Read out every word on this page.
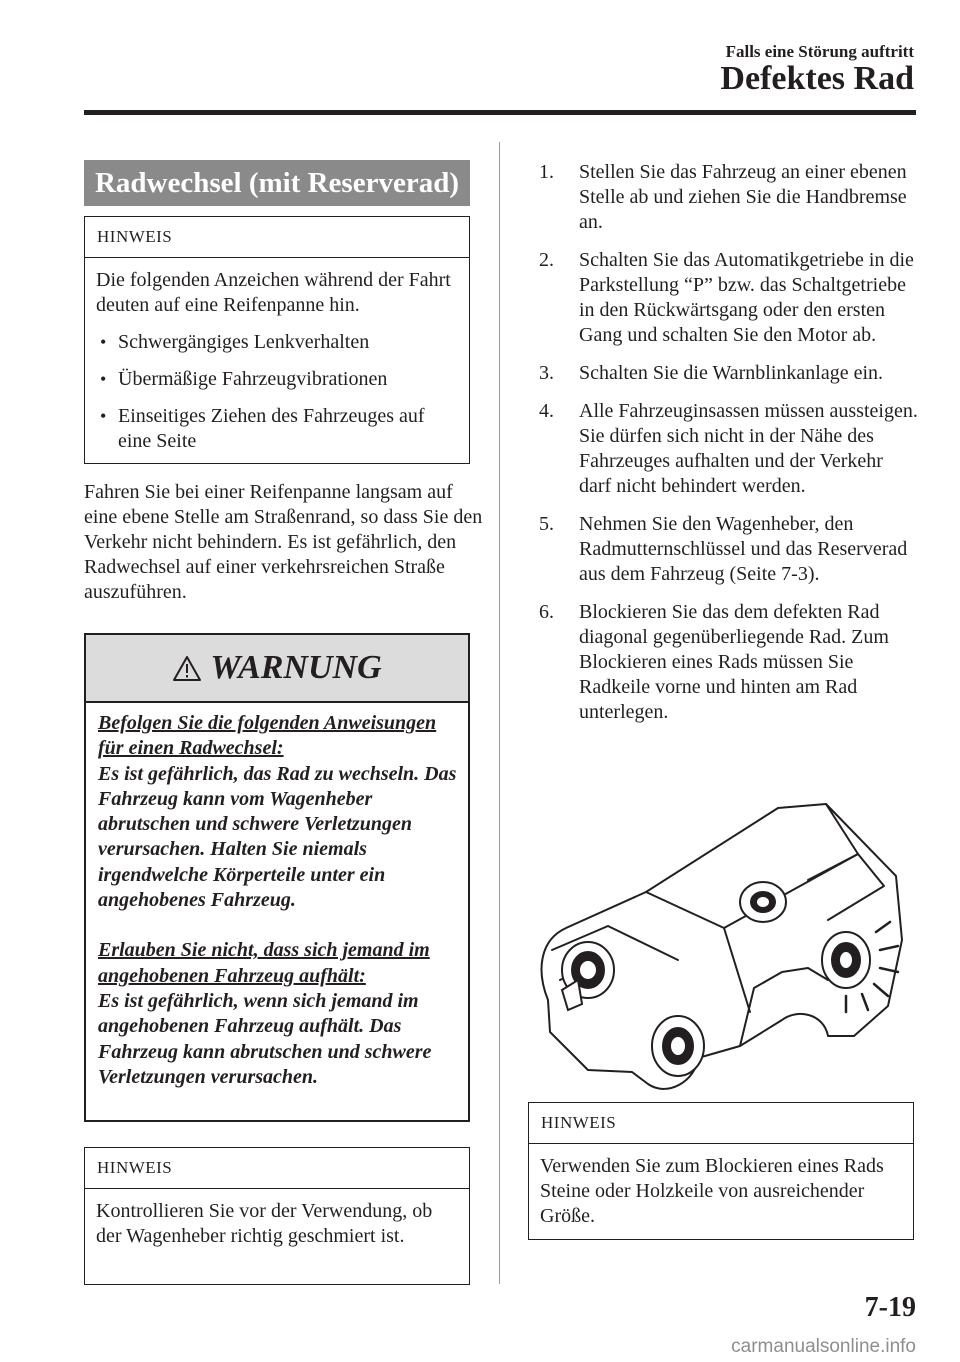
Falls eine Störung auftritt
Defektes Rad
Radwechsel (mit Reserverad)
HINWEIS
Die folgenden Anzeichen während der Fahrt deuten auf eine Reifenpanne hin.
• Schwergängiges Lenkverhalten
• Übermäßige Fahrzeugvibrationen
• Einseitiges Ziehen des Fahrzeuges auf eine Seite
Fahren Sie bei einer Reifenpanne langsam auf eine ebene Stelle am Straßenrand, so dass Sie den Verkehr nicht behindern. Es ist gefährlich, den Radwechsel auf einer verkehrsreichen Straße auszuführen.
WARNUNG
Befolgen Sie die folgenden Anweisungen für einen Radwechsel:
Es ist gefährlich, das Rad zu wechseln. Das Fahrzeug kann vom Wagenheber abrutschen und schwere Verletzungen verursachen. Halten Sie niemals irgendwelche Körperteile unter ein angehobenes Fahrzeug.
Erlauben Sie nicht, dass sich jemand im angehobenen Fahrzeug aufhält:
Es ist gefährlich, wenn sich jemand im angehobenen Fahrzeug aufhält. Das Fahrzeug kann abrutschen und schwere Verletzungen verursachen.
HINWEIS
Kontrollieren Sie vor der Verwendung, ob der Wagenheber richtig geschmiert ist.
1.	Stellen Sie das Fahrzeug an einer ebenen Stelle ab und ziehen Sie die Handbremse an.
2.	Schalten Sie das Automatikgetriebe in die Parkstellung “P” bzw. das Schaltgetriebe in den Rückwärtsgang oder den ersten Gang und schalten Sie den Motor ab.
3.	Schalten Sie die Warnblinkanlage ein.
4.	Alle Fahrzeuginsassen müssen aussteigen. Sie dürfen sich nicht in der Nähe des Fahrzeuges aufhalten und der Verkehr darf nicht behindert werden.
5.	Nehmen Sie den Wagenheber, den Radmutternschlüssel und das Reserverad aus dem Fahrzeug (Seite 7-3).
6.	Blockieren Sie das dem defekten Rad diagonal gegenüberliegende Rad. Zum Blockieren eines Rads müssen Sie Radkeile vorne und hinten am Rad unterlegen.
HINWEIS
Verwenden Sie zum Blockieren eines Rads Steine oder Holzkeile von ausreichender Größe.
7-19
carmanualsonline.info
